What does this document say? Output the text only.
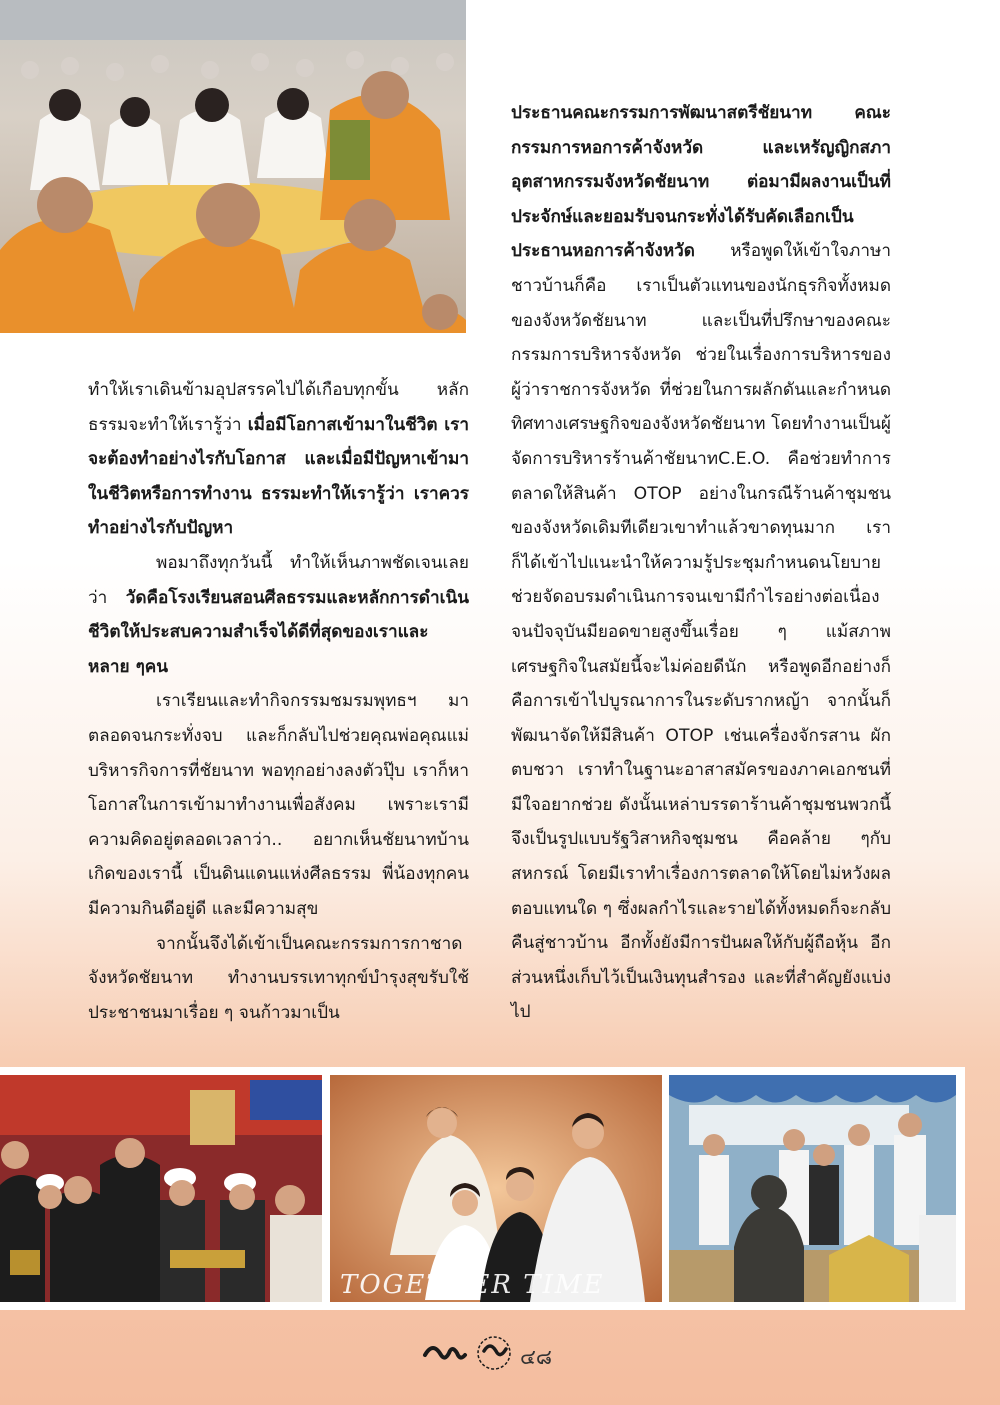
ทำให้เราเดินข้ามอุปสรรคไปได้เกือบทุกขั้น หลักธรรมจะทำให้เรารู้ว่า เมื่อมีโอกาสเข้ามาในชีวิต เราจะต้องทำอย่างไรกับโอกาส และเมื่อมีปัญหาเข้ามาในชีวิตหรือการทำงาน ธรรมะทำให้เรารู้ว่า เราควรทำอย่างไรกับปัญหา

พอมาถึงทุกวันนี้ ทำให้เห็นภาพชัดเจนเลยว่า วัดคือโรงเรียนสอนศีลธรรมและหลักการดำเนินชีวิตให้ประสบความสำเร็จได้ดีที่สุดของเราและหลาย ๆคน

เราเรียนและทำกิจกรรมชมรมพุทธฯ มาตลอดจนกระทั่งจบ และก็กลับไปช่วยคุณพ่อคุณแม่บริหารกิจการที่ชัยนาท พอทุกอย่างลงตัวปุ๊บ เราก็หาโอกาสในการเข้ามาทำงานเพื่อสังคม เพราะเรามีความคิดอยู่ตลอดเวลาว่า.. อยากเห็นชัยนาทบ้านเกิดของเรานี้ เป็นดินแดนแห่งศีลธรรม พี่น้องทุกคนมีความกินดีอยู่ดี และมีความสุข

จากนั้นจึงได้เข้าเป็นคณะกรรมการกาชาดจังหวัดชัยนาท ทำงานบรรเทาทุกข์บำรุงสุขรับใช้ประชาชนมาเรื่อย ๆ จนก้าวมาเป็น

ประธานคณะกรรมการพัฒนาสตรีชัยนาท คณะกรรมการหอการค้าจังหวัด และเหรัญญิกสภาอุตสาหกรรมจังหวัดชัยนาท ต่อมามีผลงานเป็นที่ประจักษ์และยอมรับจนกระทั่งได้รับคัดเลือกเป็นประธานหอการค้าจังหวัด หรือพูดให้เข้าใจภาษาชาวบ้านก็คือ เราเป็นตัวแทนของนักธุรกิจทั้งหมดของจังหวัดชัยนาท และเป็นที่ปรึกษาของคณะกรรมการบริหารจังหวัด ช่วยในเรื่องการบริหารของผู้ว่าราชการจังหวัด ที่ช่วยในการผลักดันและกำหนดทิศทางเศรษฐกิจของจังหวัดชัยนาท โดยทำงานเป็นผู้จัดการบริหารร้านค้าชัยนาทC.E.O. คือช่วยทำการตลาดให้สินค้า OTOP อย่างในกรณีร้านค้าชุมชนของจังหวัดเดิมทีเดียวเขาทำแล้วขาดทุนมาก เราก็ได้เข้าไปแนะนำให้ความรู้ประชุมกำหนดนโยบาย ช่วยจัดอบรมดำเนินการจนเขามีกำไรอย่างต่อเนื่อง จนปัจจุบันมียอดขายสูงขึ้นเรื่อย ๆ แม้สภาพเศรษฐกิจในสมัยนี้จะไม่ค่อยดีนัก หรือพูดอีกอย่างก็คือการเข้าไปบูรณาการในระดับรากหญ้า จากนั้นก็พัฒนาจัดให้มีสินค้า OTOP เช่นเครื่องจักรสาน ผักตบชวา เราทำในฐานะอาสาสมัครของภาคเอกชนที่มีใจอยากช่วย ดังนั้นเหล่าบรรดาร้านค้าชุมชนพวกนี้ จึงเป็นรูปแบบรัฐวิสาหกิจชุมชน คือคล้าย ๆกับสหกรณ์ โดยมีเราทำเรื่องการตลาดให้โดยไม่หวังผลตอบแทนใด ๆ ซึ่งผลกำไรและรายได้ทั้งหมดก็จะกลับคืนสู่ชาวบ้าน อีกทั้งยังมีการปันผลให้กับผู้ถือหุ้น อีกส่วนหนึ่งเก็บไว้เป็นเงินทุนสำรอง และที่สำคัญยังแบ่งไป

TOGETHER TIME
๔๘
